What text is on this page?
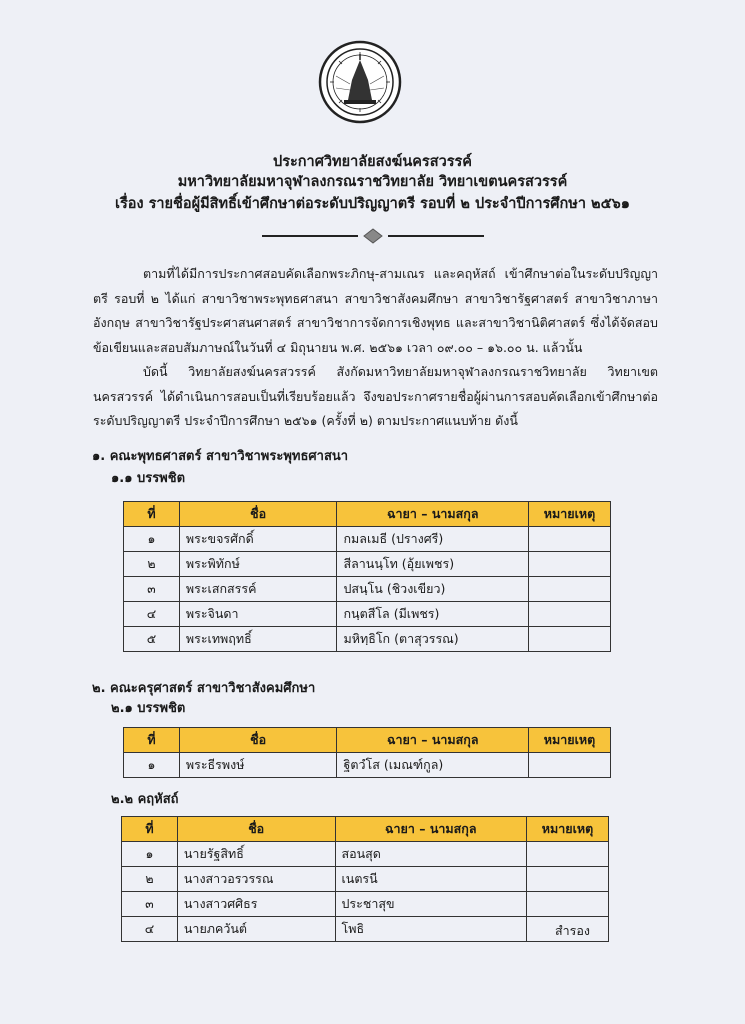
ประกาศวิทยาลัยสงฆ์นครสวรรค์
มหาวิทยาลัยมหาจุฬาลงกรณราชวิทยาลัย วิทยาเขตนครสวรรค์
เรื่อง รายชื่อผู้มีสิทธิ์เข้าศึกษาต่อระดับปริญญาตรี รอบที่ ๒ ประจำปีการศึกษา ๒๕๖๑
ตามที่ได้มีการประกาศสอบคัดเลือกพระภิกษุ-สามเณร และคฤหัสถ์ เข้าศึกษาต่อในระดับปริญญาตรี รอบที่ ๒ ได้แก่ สาขาวิชาพระพุทธศาสนา สาขาวิชาสังคมศึกษา สาขาวิชารัฐศาสตร์ สาขาวิชาภาษาอังกฤษ สาขาวิชารัฐประศาสนศาสตร์ สาขาวิชาการจัดการเชิงพุทธ และสาขาวิชานิติศาสตร์ ซึ่งได้จัดสอบข้อเขียนและสอบสัมภาษณ์ในวันที่ ๔ มิถุนายน พ.ศ. ๒๕๖๑ เวลา ๐๙.๐๐ – ๑๖.๐๐ น. แล้วนั้น
บัดนี้ วิทยาลัยสงฆ์นครสวรรค์ สังกัดมหาวิทยาลัยมหาจุฬาลงกรณราชวิทยาลัย วิทยาเขตนครสวรรค์ ได้ดำเนินการสอบเป็นที่เรียบร้อยแล้ว จึงขอประกาศรายชื่อผู้ผ่านการสอบคัดเลือกเข้าศึกษาต่อระดับปริญญาตรี ประจำปีการศึกษา ๒๕๖๑ (ครั้งที่ ๒) ตามประกาศแนบท้าย ดังนี้
๑. คณะพุทธศาสตร์ สาขาวิชาพระพุทธศาสนา
๑.๑ บรรพชิต
ที่	ชื่อ	ฉายา – นามสกุล	หมายเหตุ
๑	พระขจรศักดิ์	กมลเมธี (ปรางศรี)	
๒	พระพิทักษ์	สีลานนฺโท (อุ้ยเพชร)	
๓	พระเสกสรรค์	ปสนฺโน (ชิวงเขียว)	
๔	พระจินดา	กนฺตสีโล (มีเพชร)	
๕	พระเทพฤทธิ์	มหิทฺธิโก (ตาสุวรรณ)	
๒. คณะครุศาสตร์ สาขาวิชาสังคมศึกษา
๒.๑ บรรพชิต
ที่	ชื่อ	ฉายา – นามสกุล	หมายเหตุ
๑	พระธีรพงษ์	ฐิตวํโส (เมณฑ์กูล)	
๒.๒ คฤหัสถ์
ที่	ชื่อ	ฉายา – นามสกุล	หมายเหตุ
๑	นายรัฐสิทธิ์	สอนสุด	
๒	นางสาวอรวรรณ	เนตรนี	
๓	นางสาวศศิธร	ประชาสุข	
๔	นายภควันต์	โพธิ	สำรอง
